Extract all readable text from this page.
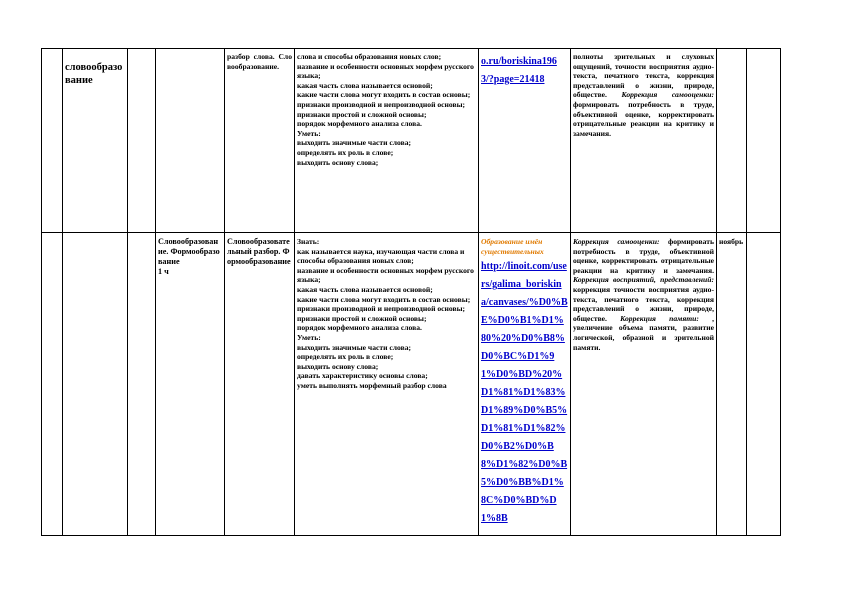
словообразование
разбор слова. Словообразование.
слова и способы образования новых слов;
название и особенности основных морфем русского языка;
какая часть слова называется основой;
какие части слова могут входить в состав основы;
признаки производной и непроизводной основы;
признаки простой и сложной основы;
порядок морфемного анализа слова.
Уметь:
выходить значимые части слова;
определять их роль в слове;
выходить основу слова;
o.ru/boriskina1963/?page=21418
полноты зрительных и слуховых ощущений, точности восприятия аудио-текста, печатного текста, коррекция представлений о жизни, природе, обществе. Коррекция самооценки: формировать потребность в труде, объективной оценке, корректировать отрицательные реакции на критику и замечания.
Словообразование. Формообразование
1 ч
Словообразовательный разбор. Формообразование
Знать:
как называется наука, изучающая части слова и способы образования новых слов;
название и особенности основных морфем русского языка;
какая часть слова называется основой;
какие части слова могут входить в состав основы;
признаки производной и непроизводной основы;
признаки простой и сложной основы;
порядок морфемного анализа слова.
Уметь:
выходить значимые части слова;
определять их роль в слове;
выходить основу слова;
давать характеристику основы слова;
уметь выполнять морфемный разбор слова
Образование имён существительных
http://linoit.com/users/galima_boriskina/canvases/%D0%BE%D0%B1%D1%80%20%D0%B8%D0%BC%D1%91%D0%BD%20%D1%81%D1%83%D1%89%D0%B5%D1%81%D1%82%D0%B2%D0%B8%D1%82%D0%B5%D0%BB%D1%8C%D0%BD%D1%8B
Коррекция самооценки: формировать потребность в труде, объективной оценке, корректировать отрицательные реакции на критику и замечания. Коррекция восприятий, представлений: коррекция точности восприятия аудио-текста, печатного текста, коррекция представлений о жизни, природе, обществе. Коррекция памяти: , увеличение объема памяти, развитие логической, образной и зрительной памяти.
ноябрь
